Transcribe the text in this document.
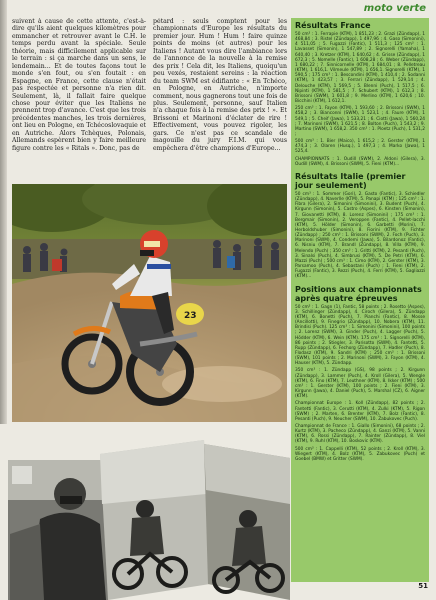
moto verte

suivent à cause de cette attente, c'est-à-dire qu'ils aient quelques kilomètres pour emmancher et retrouver avant le C.H. le temps perdu avant la spéciale. Seule théorie, mais difficilement applicable sur le terrain : si ça marche dans un sens, le lendemain... Et de toutes façons tout le monde s'en fout, ou s'en foutait : en Espagne, en France, cette clause n'était pas respectée et personne n'a rien dit. Seulement, là, il fallait faire quelque chose pour éviter que les Italiens ne prennent trop d'avance. C'est que les trois précédentes manches, les trois dernières, ont lieu en Pologne, en Tchécoslovaquie et en Autriche. Alors Tchèques, Polonais, Allemands espèrent bien y faire meilleure figure contre les « Ritals ». Donc, pas de

pétard : seuls comptent pour les championnats d'Europe les résultats du premier jour. Hum ! Hum ! faire quinze points de moins (et autres) pour les Italiens ! Autant vous dire l'ambiance lors de l'annonce de la nouvelle à la remise des prix ! Cela dit, les Italiens, quoiqu'un peu vexés, restaient sereins : la réaction du team SWM est édifiante : « En Tchéco, en Pologne, en Autriche, n'importe comment, nous gagnerons tout une fois de plus. Seulement, personne, sauf Italien n'a chaque fois à la remise des prix ! ». Et Brissoni et Marinoni d'éclater de rire ! Effectivement, vous pouvez rigoler, les gars. Ce n'est pas ce scandale de magouille du jury F.I.M. qui vous empêchera d'être champions d'Europe...

23
Résultats France

50 cm³ : 1. Ferrapie (KTM), 1 851,23 ; 2. Grazi (Zündapp), 1 468,84 ; 3. Ristel (Zündapp), 1 497,96 ; 4. Gaso (Simonini), 4 511,05 ; 5. Fugazzi (Fantic), 1 511,3 ; 125 cm³ : 1. Lavasset (Simonin), 1 547,89 ; 2. Signorelli (Yamaha), 1 640,40 ; 3. Kretzer (KTM), 1 640,62 ; 4. Grisse (Zündapp), 1 672,3 ; 5. Nomelle (Fantic), 1 608,28 ; 6. Weber (Zündapp), 1 680,22 ; 7. Sinnicornelle (KTM), 1 684,01 ; 8. Pelletreau (KTM), 1 616,1. Vilmeule (KTM), 1 656,1. Signorelli (KTM), 1 590,5 ; 175 cm³ : 1. Bescondini (KTM), 1 410,4 ; 2. Sodanni (KTM), 1 423,57 ; 3. Ferrari (Zündapp), 1 529,14 ; 4. Delouche (KTM), 1 569,5 ; 5. Blenni (Puch), 1 517,5 ; 6. Nipinti (KTM), 1 581,5 ; 7. Schubert (KTM), 1 612,3 ; 8. Brissoni (SWM), 1 601,8 ; 9. Merlino (KTM), 1 620,6 ; 10. Bicchini (KTM), 1 612,1.

250 cm³ : 1. Fayon (KTM), 1 593,60 ; 2. Brissoni (SWM), 1 458,2 ; 3. Bianconni (SWM), 1 523,1 ; 4. Faure (KTM), 1 549,1 ; 5. Cheif (Jawa), 1 533,21 ; 6. Ciotti (Jawa), 1 560,24 ; 7. Marinoni (SWM), 1 621,5 ; 8. Bolton (Puch), 1 543,2 ; 9. Martino (SWM), 1 658,2. 350 cm³ : 1. Ploetz (Puch), 1 531,2 ;

500 cm³ : 1. Bier (Maico), 1 615,2 ; 2. Gerster (KTM), 1 474,3 ; 3. Olaren (Husq.), 1 497,3 ; 4. Marko (Jawa), 1 525,4.

CHAMPIONNATS : 1. Oudill (SWM), 2. Aldoni (Gilera), 3. Oudill (SWM), 4. Brissoni (SWM), 5. Fieni (KTM)...

Résultats Italie (premier jour seulement)

50 cm³ : 1. Sommer (Gori), 2. Gasto (Fantic), 3. Schiedler (Zündapp), 4. Naverlle (KTM), 5. Panapi (KTM) ; 125 cm³ : 1. Fibra (Gilera), 2. Simonini (Simonini), 3. Budent (Puch), 4. Kirgunn (Simonin), 5. Castro (Aspes), 6. Kinsten (Simonin), 7. Giovanetti (KTM), 8. Lorenz (Simonini) ; 175 cm³ : 1. Bergmair (Simonin), 2. Veroppen (Fantic), 4. Pellet-lacchi (KTM), 5. Hölder (Simonin), 6. Garbetti (Morini), 7. Herboldshuber (Simonini), 8. Fiorini (KTM), 9. Fichter (Zündapp) ; 250 cm³ : 1. Brissoni (SWM), 2. Foch (Puch), 3. Marinoni (SWM), 4. Condemi (Jawa), 5. Bilardonoz (Fantic), 6. Nisniu (KTM), 7. Brandl (Zündapp), 8. Villa (KTM), 9. Melendo (Puch) ; 350 cm³ : 1. Gritti (KTM), 2. Pesanti (Puch), 3. Sinalsi (Puch), 4. Simbrusi (KTM), 5. De Petri (KTM), 6. Mazzi (Puch) ; 500 cm³ : 1. Cimo (KTM), 2. Gerster (KTM), 3. Parsamoo (Puch), 4. Sebastani (Puch) ; 1. Fieni (KTM), 2. Fugazzi (Fantic), 3. Rezzi (Puch), 4. Ferri (KTM), 5. Gagliazzi (KTM)...

Positions aux championnats après quatre épreuves

50 cm³ : 1. Gagn (1), Fantic, 58 points ; 2. Rosetto (Aspes), 3. Schillinger (Zündapp), 4. Ciroch (Gilera), 5. Zündapp (KTM), 6. Bonetti (Puch), 7. Pianchi (Fantic), 8. Mosse (Ancillotti), 9. Finegrio (Zündapp), 10. Nobera (KTM), 11. Brindisi (Puch). 125 cm³ : 1. Simonini (Simonini), 100 points ; 2. Lorenz (SWM), 3. Ginder (Puch), 4. Lagger (Puch), 5. Hödder (KTM), 6. Wein (KTM). 175 cm³ : 1. Signorelli (KTM), 86 points ; 2. Stiegler, 3. Parisotto (SWM), 4. Fantetti, 5. Rupp (Zündapp), 6. Fechorg (Zündapp), 7. Hadler (Puch), 8. Flodasz (KTM), 9. Sandri (KTM) ; 250 cm³ : 1. Brissoni (SWM), 101 points ; 2. Marinoni (SWM), 3. Fayon (KTM), 4. Hauser (KTM), 5. Zündapp.

350 cm³ : 1. Zündapp (GS), 98 points ; 2. Kirgunn (Zündapp), 3. Lammer (Puch), 4. Kroll (Gilera), 5. Wengle (KTM), 6. Fino (KTM), 7. Leuthner (KTM), 8. Ikker (KTM) ; 500 cm³ : 1. Gerster (KTM), 100 points ; 2. Fieni (KTM), 3. Kirgunn (Jawa), 4. Daniel (Puch), 5. Marshal (CZ), 6. Aigner (KTM).

Championnat Europe : 1. Koll (Zündapp), 82 points ; 2. Fantetti (Fantic), 3. Cerutti (KTM), 4. Zulki (KTM), 5. Rigon (SWM) ; 2. Marten, 6. Brenter (KTM), 7. Bolz (Fantic), 8. Pesanti (Puch), 9. Neucher (SWM), 10. Zabukovec (Puch).

Championnat de France : 1. Giallo (Simonini), 68 points ; 2. Kurtz (KTM), 3. Pacheco (Zündapp), 4. Ganzi (KTM), 5. Vanni (KTM), 6. Rossi (Zündapp), 7. Rainter (Zündapp), 8. Viel (KTM), 9. Ruhl (KTM), 10. Boskovic (KTM).

500 cm³ : 1. Cappelli (KTM), 52 points ; 2. Kroll (KTM), 3. Wiegert (KTM), 4. Bolz (KTM), 5. Zabukovec (Puch) et Goebel (BMW) et Gritter (SWM).

51
